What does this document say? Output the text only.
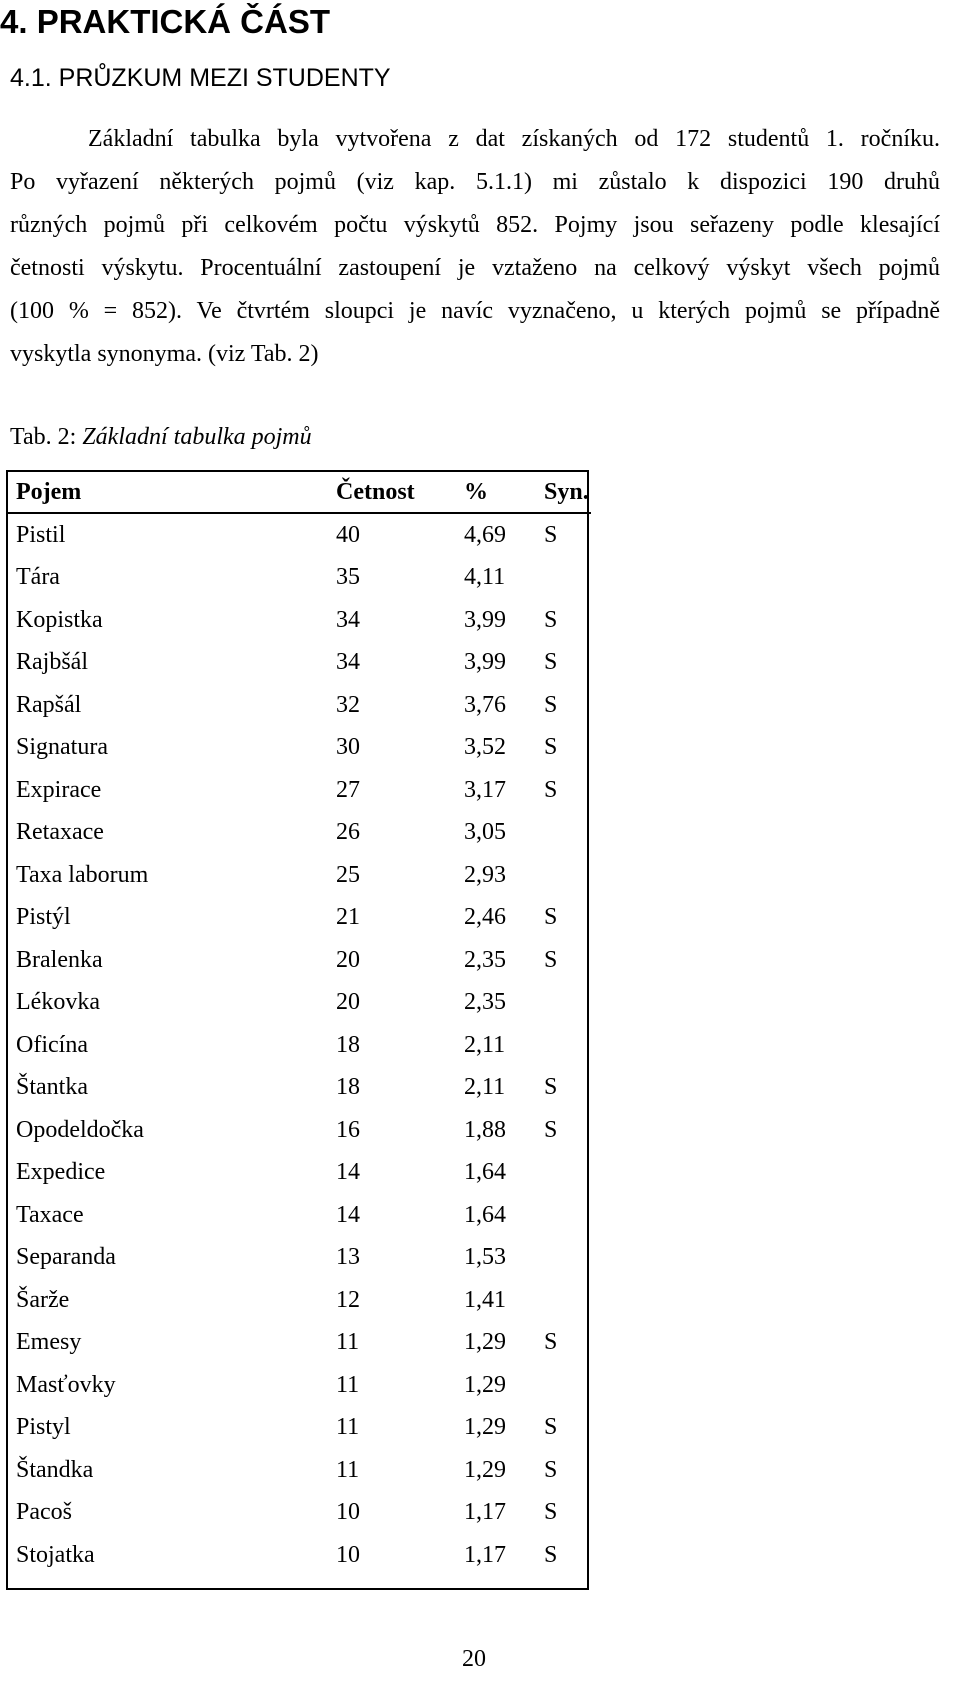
4. PRAKTICKÁ ČÁST
4.1. PRŮZKUM MEZI STUDENTY

Základní tabulka byla vytvořena z dat získaných od 172 studentů 1. ročníku.

Po vyřazení některých pojmů (viz kap. 5.1.1) mi zůstalo k dispozici 190 druhů

různých pojmů při celkovém počtu výskytů 852. Pojmy jsou seřazeny podle klesající

četnosti výskytu. Procentuální zastoupení je vztaženo na celkový výskyt všech pojmů

(100 % = 852). Ve čtvrtém sloupci je navíc vyznačeno, u kterých pojmů se případně

vyskytla synonyma. (viz Tab. 2)

Tab. 2: Základní tabulka pojmů
Pojem	Četnost	%	Syn.
Pistil	40	4,69	S
Tára	35	4,11	
Kopistka	34	3,99	S
Rajbšál	34	3,99	S
Rapšál	32	3,76	S
Signatura	30	3,52	S
Expirace	27	3,17	S
Retaxace	26	3,05	
Taxa laborum	25	2,93	
Pistýl	21	2,46	S
Bralenka	20	2,35	S
Lékovka	20	2,35	
Oficína	18	2,11	
Štantka	18	2,11	S
Opodeldočka	16	1,88	S
Expedice	14	1,64	
Taxace	14	1,64	
Separanda	13	1,53	
Šarže	12	1,41	
Emesy	11	1,29	S
Masťovky	11	1,29	
Pistyl	11	1,29	S
Štandka	11	1,29	S
Pacoš	10	1,17	S
Stojatka	10	1,17	S
20
